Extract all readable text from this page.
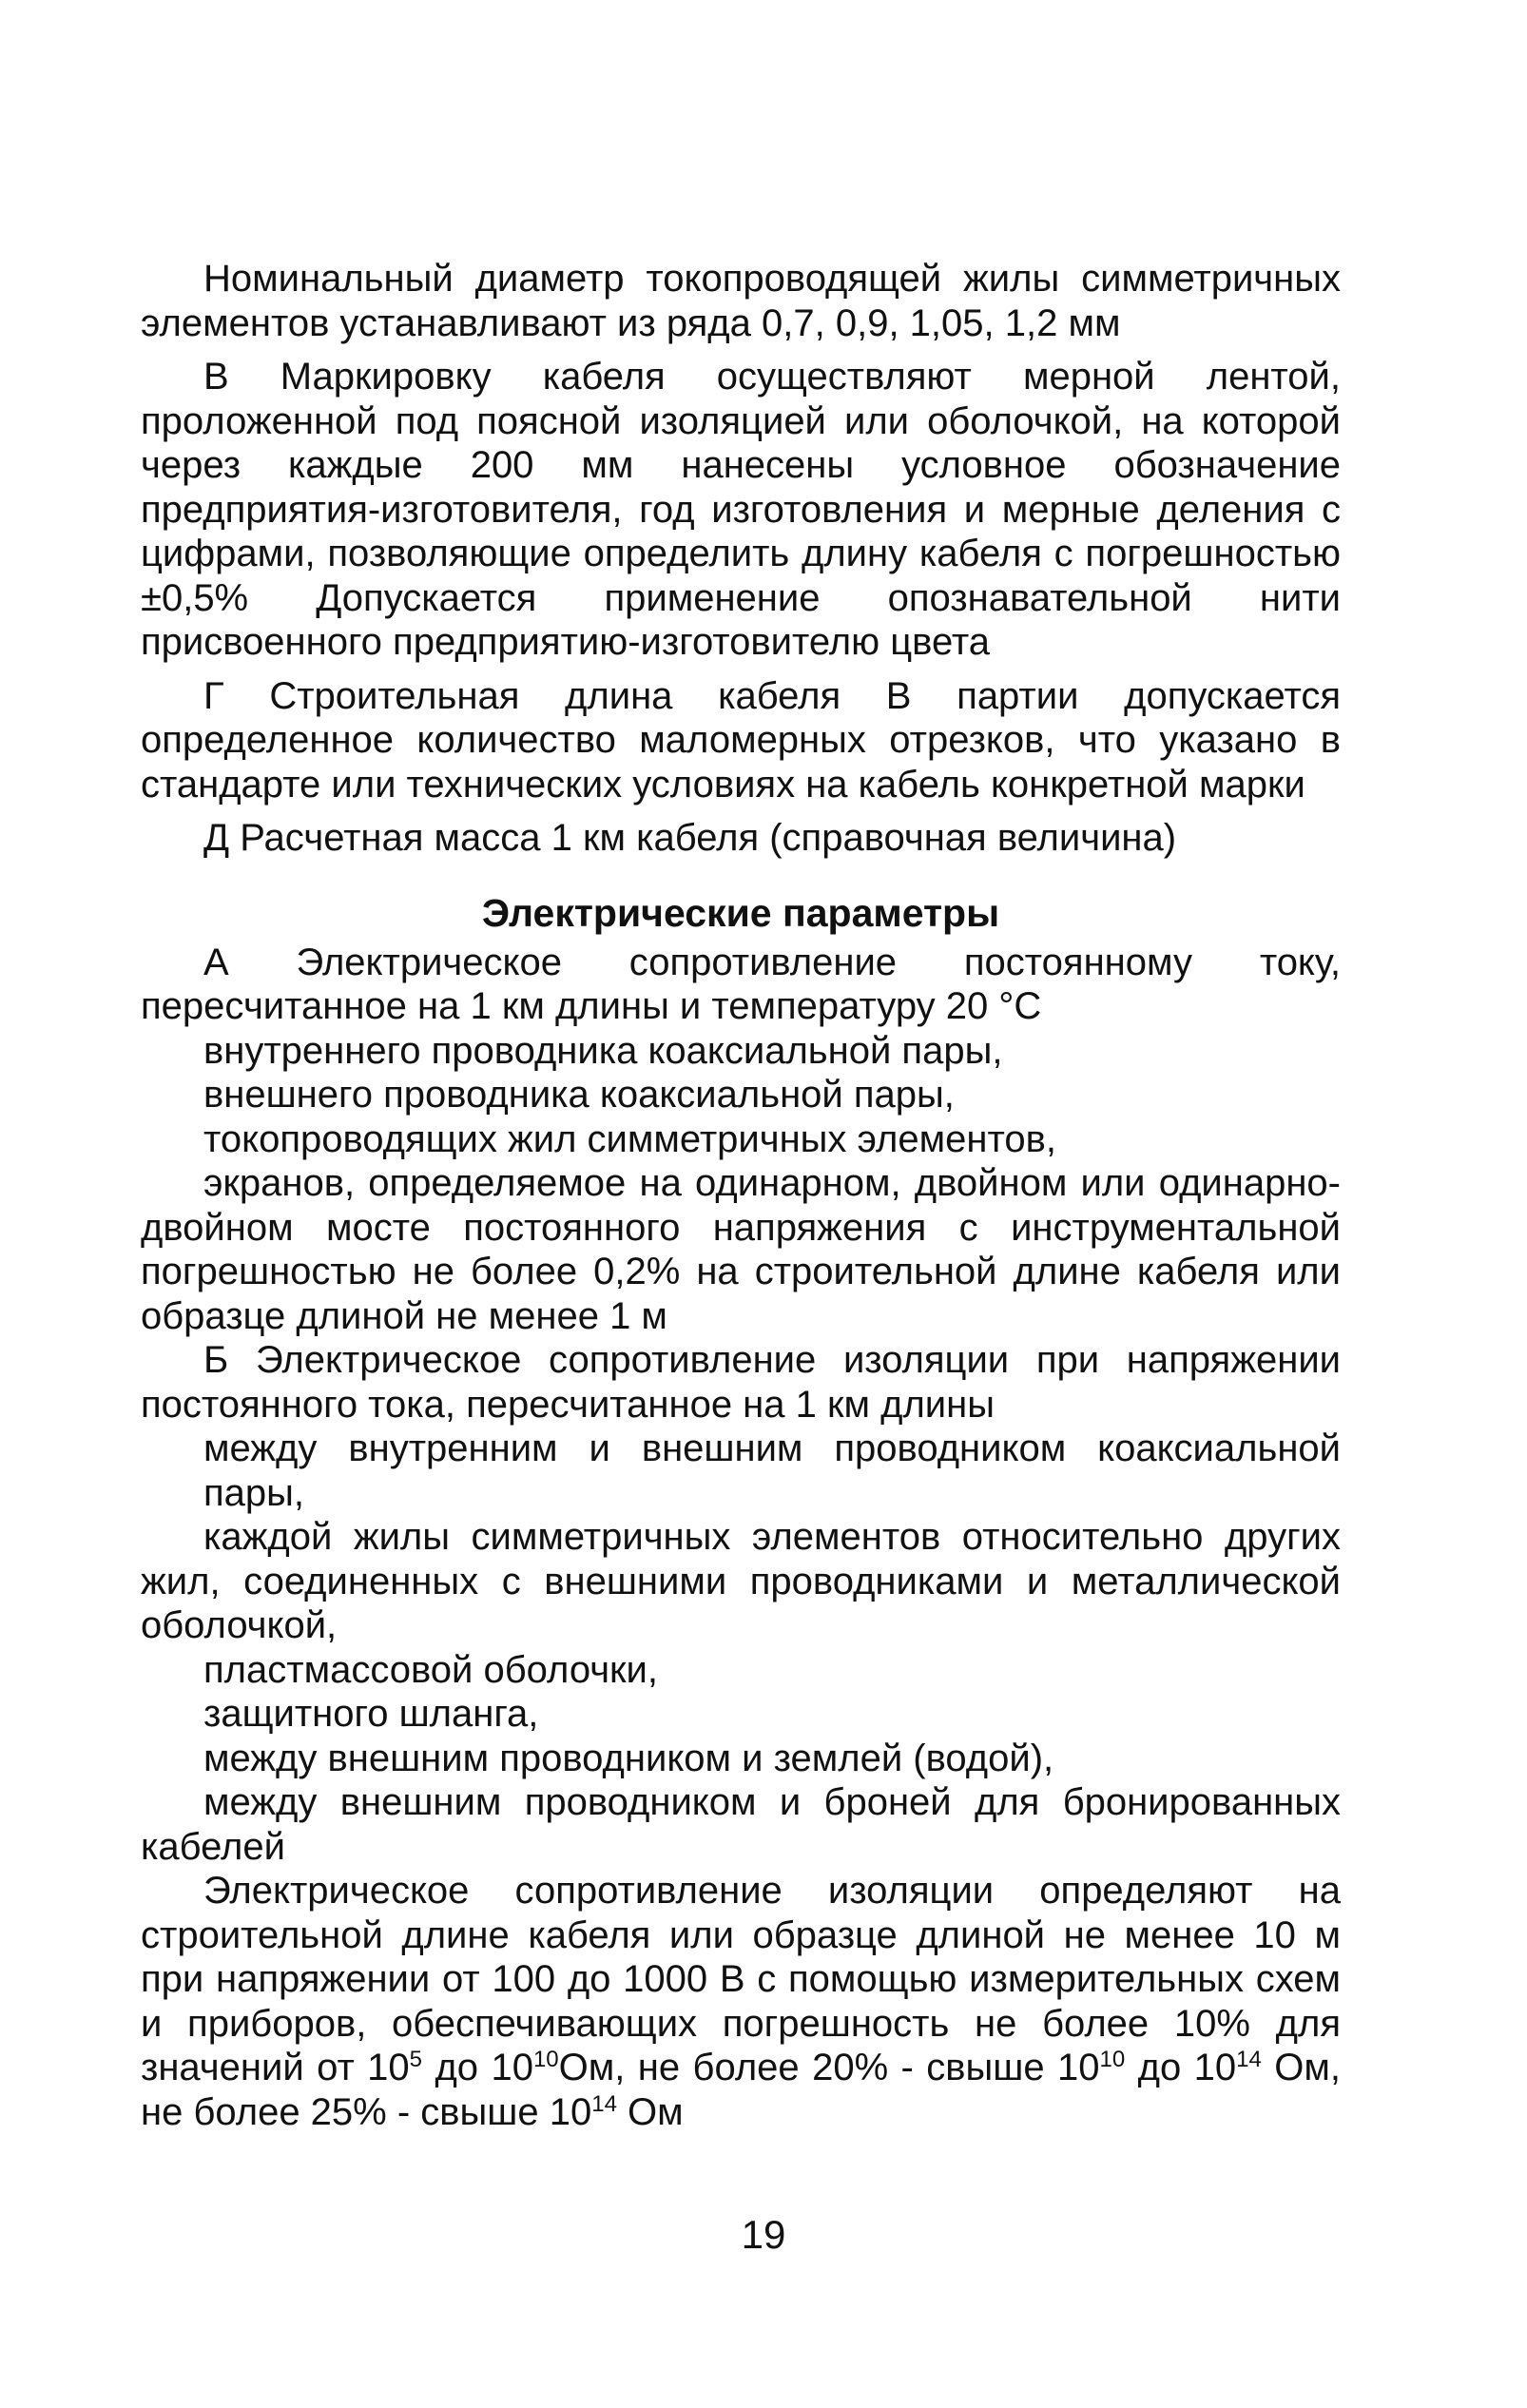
Номинальный диаметр токопроводящей жилы симметричных элементов устанавливают из ряда 0,7, 0,9, 1,05, 1,2 мм

В Маркировку кабеля осуществляют мерной лентой, проложенной под поясной изоляцией или оболочкой, на которой через каждые 200 мм нанесены условное обозначение предприятия-изготовителя, год изготовления и мерные деления с цифрами, позволяющие определить длину кабеля с погрешностью ±0,5% Допускается применение опознавательной нити присвоенного предприятию-изготовителю цвета

Г Строительная длина кабеля В партии допускается определенное количество маломерных отрезков, что указано в стандарте или технических условиях на кабель конкретной марки

Д Расчетная масса 1 км кабеля (справочная величина)

Электрические параметры

А Электрическое сопротивление постоянному току, пересчитанное на 1 км длины и температуру 20 °С

внутреннего проводника коаксиальной пары,

внешнего проводника коаксиальной пары,

токопроводящих жил симметричных элементов,

экранов, определяемое на одинарном, двойном или одинарно-двойном мосте постоянного напряжения с инструментальной погрешностью не более 0,2% на строительной длине кабеля или образце длиной не менее 1 м

Б Электрическое сопротивление изоляции при напряжении постоянного тока, пересчитанное на 1 км длины

между внутренним и внешним проводником коаксиальной пары,

каждой жилы симметричных элементов относительно других жил, соединенных с внешними проводниками и металлической оболочкой,

пластмассовой оболочки,

защитного шланга,

между внешним проводником и землей (водой),

между внешним проводником и броней для бронированных кабелей

Электрическое сопротивление изоляции определяют на строительной длине кабеля или образце длиной не менее 10 м при напряжении от 100 до 1000 В с помощью измерительных схем и приборов, обеспечивающих погрешность не более 10% для значений от $10^5$ до $10^{10}Ом$, не более 20% - свыше $10^{10}$ до $10^{14}$ Ом, не более 25% - свыше $10^{14}$ Ом

19
